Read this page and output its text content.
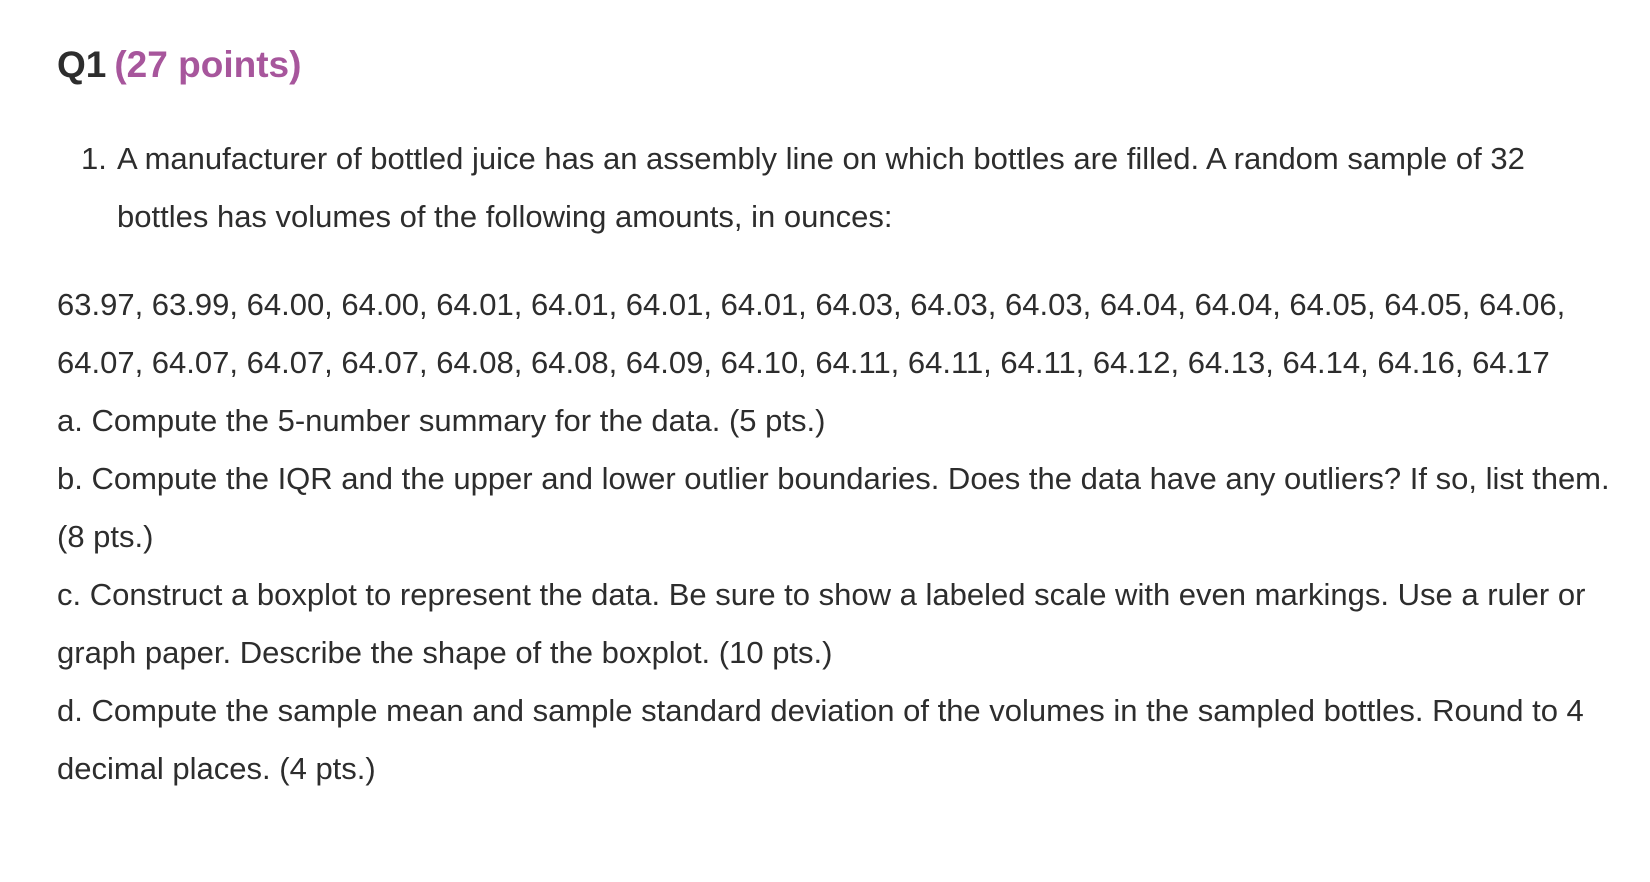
Q1 (27 points)
1. A manufacturer of bottled juice has an assembly line on which bottles are filled. A random sample of 32 bottles has volumes of the following amounts, in ounces:

63.97, 63.99, 64.00, 64.00, 64.01, 64.01, 64.01, 64.01, 64.03, 64.03, 64.03, 64.04, 64.04, 64.05, 64.05, 64.06, 64.07, 64.07, 64.07, 64.07, 64.08, 64.08, 64.09, 64.10, 64.11, 64.11, 64.11, 64.12, 64.13, 64.14, 64.16, 64.17

a. Compute the 5-number summary for the data. (5 pts.)

b. Compute the IQR and the upper and lower outlier boundaries. Does the data have any outliers? If so, list them. (8 pts.)

c. Construct a boxplot to represent the data. Be sure to show a labeled scale with even markings. Use a ruler or graph paper. Describe the shape of the boxplot. (10 pts.)

d. Compute the sample mean and sample standard deviation of the volumes in the sampled bottles. Round to 4 decimal places. (4 pts.)
